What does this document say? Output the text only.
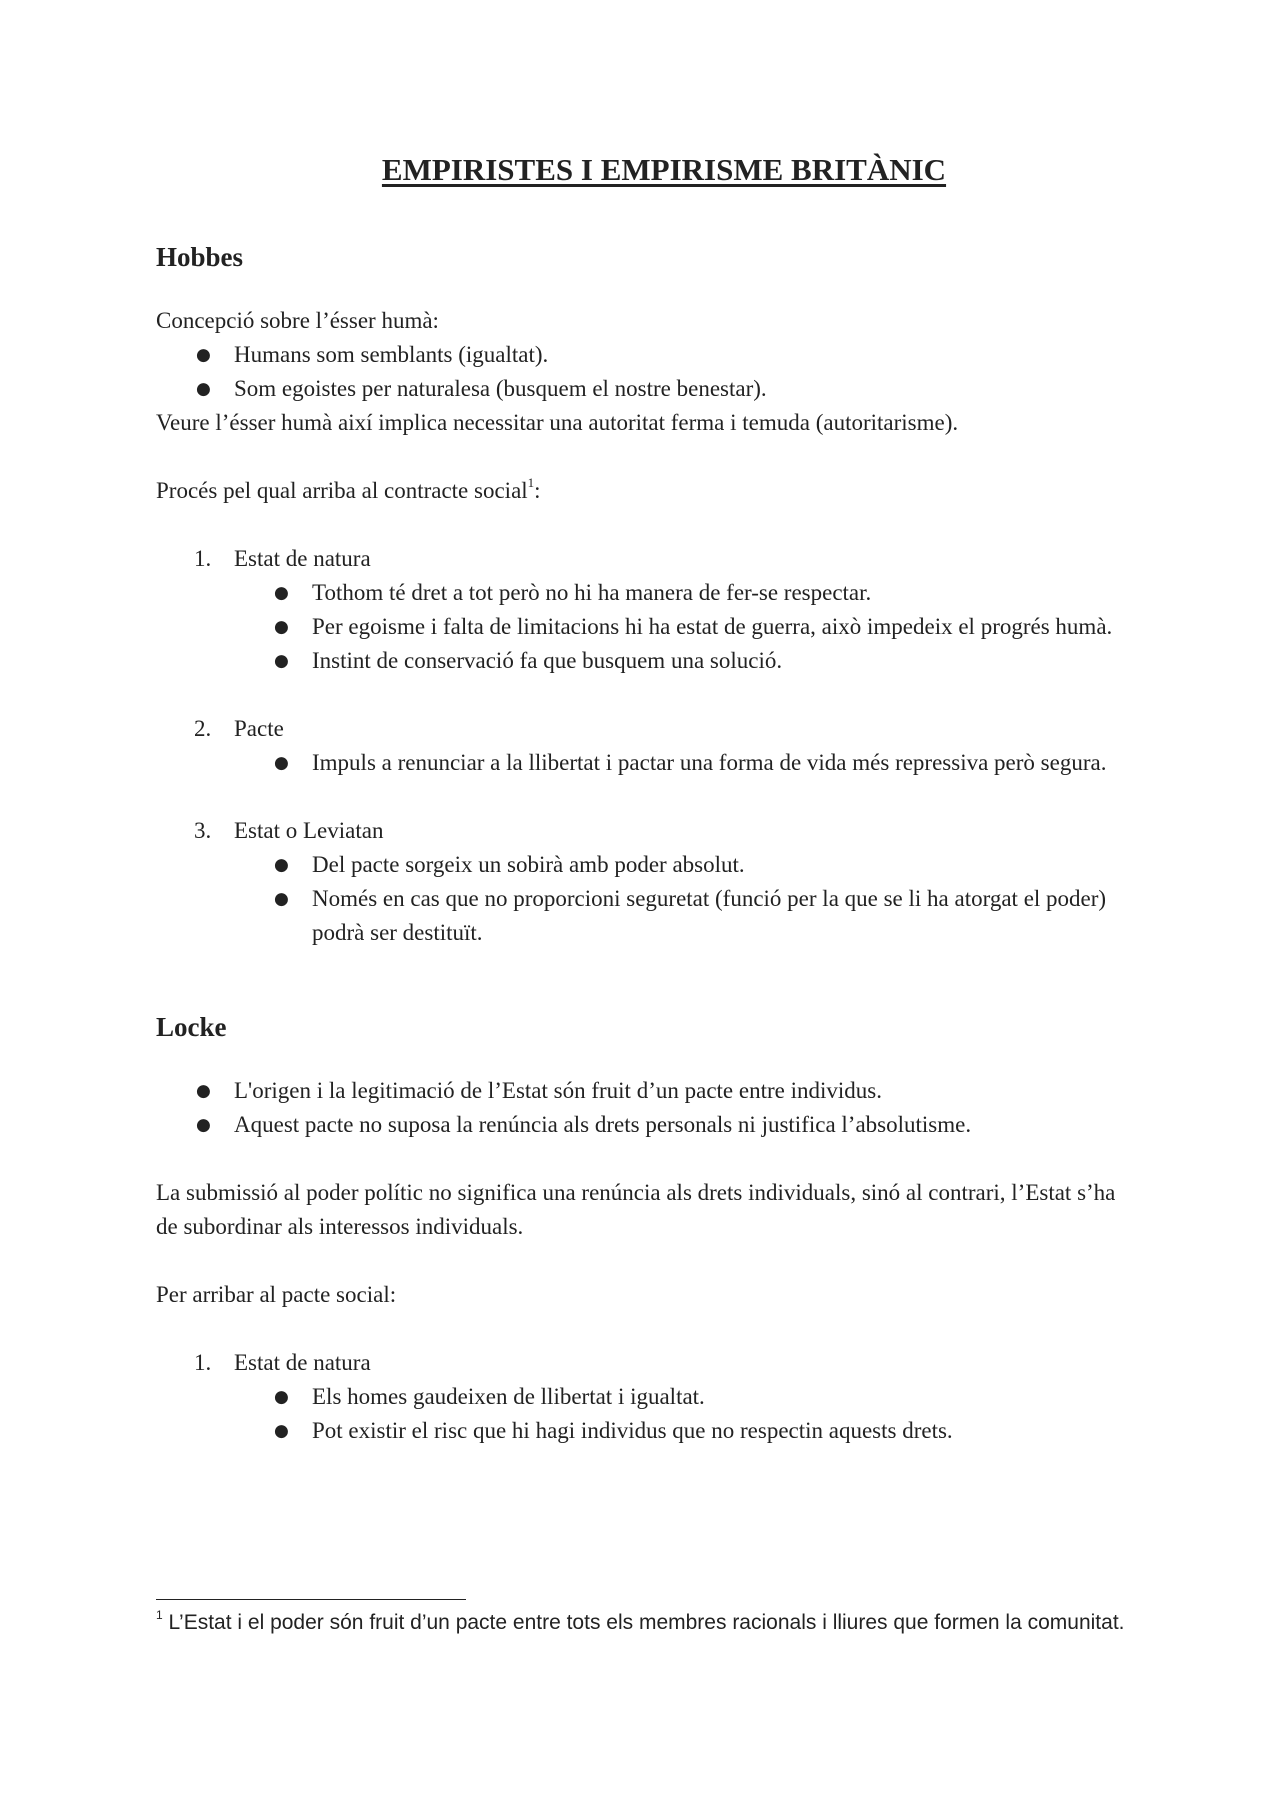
EMPIRISTES I EMPIRISME BRITÀNIC
Hobbes

Concepció sobre l’ésser humà:

● Humans som semblants (igualtat).
● Som egoistes per naturalesa (busquem el nostre benestar).

Veure l’ésser humà així implica necessitar una autoritat ferma i temuda (autoritarisme).

Procés pel qual arriba al contracte social$^1$:

1. Estat de natura
● Tothom té dret a tot però no hi ha manera de fer-se respectar.
● Per egoisme i falta de limitacions hi ha estat de guerra, això impedeix el progrés humà.
● Instint de conservació fa que busquem una solució.
2. Pacte
● Impuls a renunciar a la llibertat i pactar una forma de vida més repressiva però segura.
3. Estat o Leviatan
● Del pacte sorgeix un sobirà amb poder absolut.
● Només en cas que no proporcioni seguretat (funció per la que se li ha atorgat el poder) podrà ser destituït.
Locke
● L'origen i la legitimació de l’Estat són fruit d’un pacte entre individus.
● Aquest pacte no suposa la renúncia als drets personals ni justifica l’absolutisme.

La submissió al poder polític no significa una renúncia als drets individuals, sinó al contrari, l’Estat s’ha de subordinar als interessos individuals.

Per arribar al pacte social:

1. Estat de natura
● Els homes gaudeixen de llibertat i igualtat.
● Pot existir el risc que hi hagi individus que no respectin aquests drets.
$^1$ L’Estat i el poder són fruit d’un pacte entre tots els membres racionals i lliures que formen la comunitat.
